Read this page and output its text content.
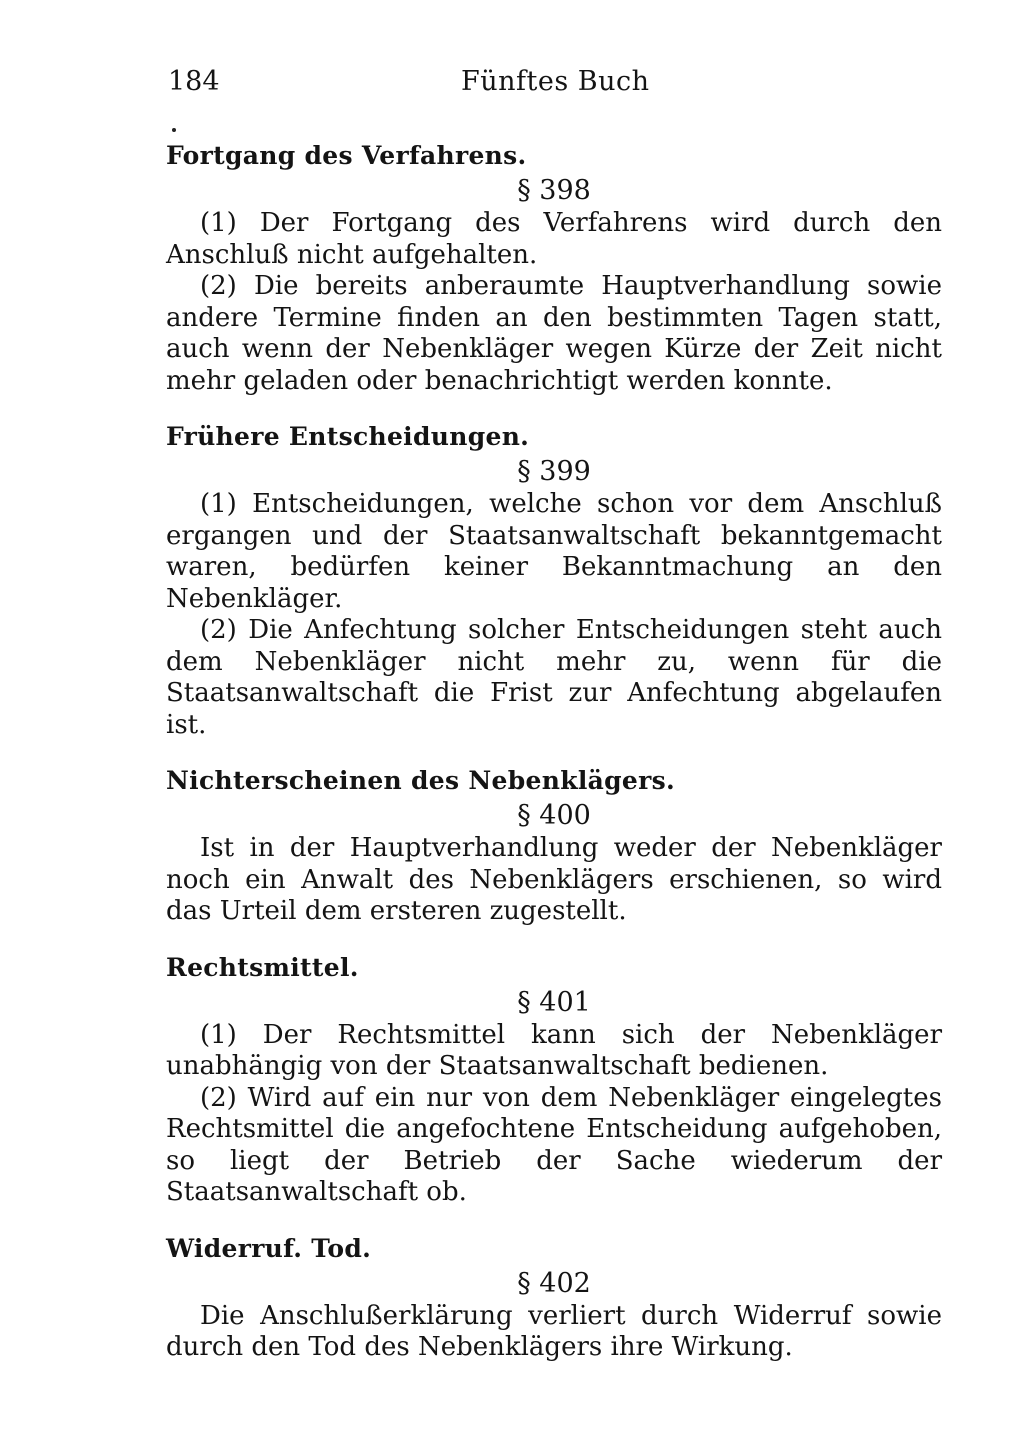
184	Fünftes Buch
Fortgang des Verfahrens.
§ 398

(1) Der Fortgang des Verfahrens wird durch den Anschluß nicht aufgehalten.

(2) Die bereits anberaumte Hauptverhandlung sowie andere Termine finden an den bestimmten Tagen statt, auch wenn der Nebenkläger wegen Kürze der Zeit nicht mehr geladen oder benachrichtigt werden konnte.

Frühere Entscheidungen.
§ 399

(1) Entscheidungen, welche schon vor dem Anschluß ergangen und der Staatsanwaltschaft bekanntgemacht waren, bedürfen keiner Bekanntmachung an den Nebenkläger.

(2) Die Anfechtung solcher Entscheidungen steht auch dem Nebenkläger nicht mehr zu, wenn für die Staatsanwaltschaft die Frist zur Anfechtung abgelaufen ist.

Nichterscheinen des Nebenklägers.
§ 400

Ist in der Hauptverhandlung weder der Nebenkläger noch ein Anwalt des Nebenklägers erschienen, so wird das Urteil dem ersteren zugestellt.

Rechtsmittel.
§ 401

(1) Der Rechtsmittel kann sich der Nebenkläger unabhängig von der Staatsanwaltschaft bedienen.

(2) Wird auf ein nur von dem Nebenkläger eingelegtes Rechtsmittel die angefochtene Entscheidung aufgehoben, so liegt der Betrieb der Sache wiederum der Staatsanwaltschaft ob.

Widerruf. Tod.
§ 402

Die Anschlußerklärung verliert durch Widerruf sowie durch den Tod des Nebenklägers ihre Wirkung.
